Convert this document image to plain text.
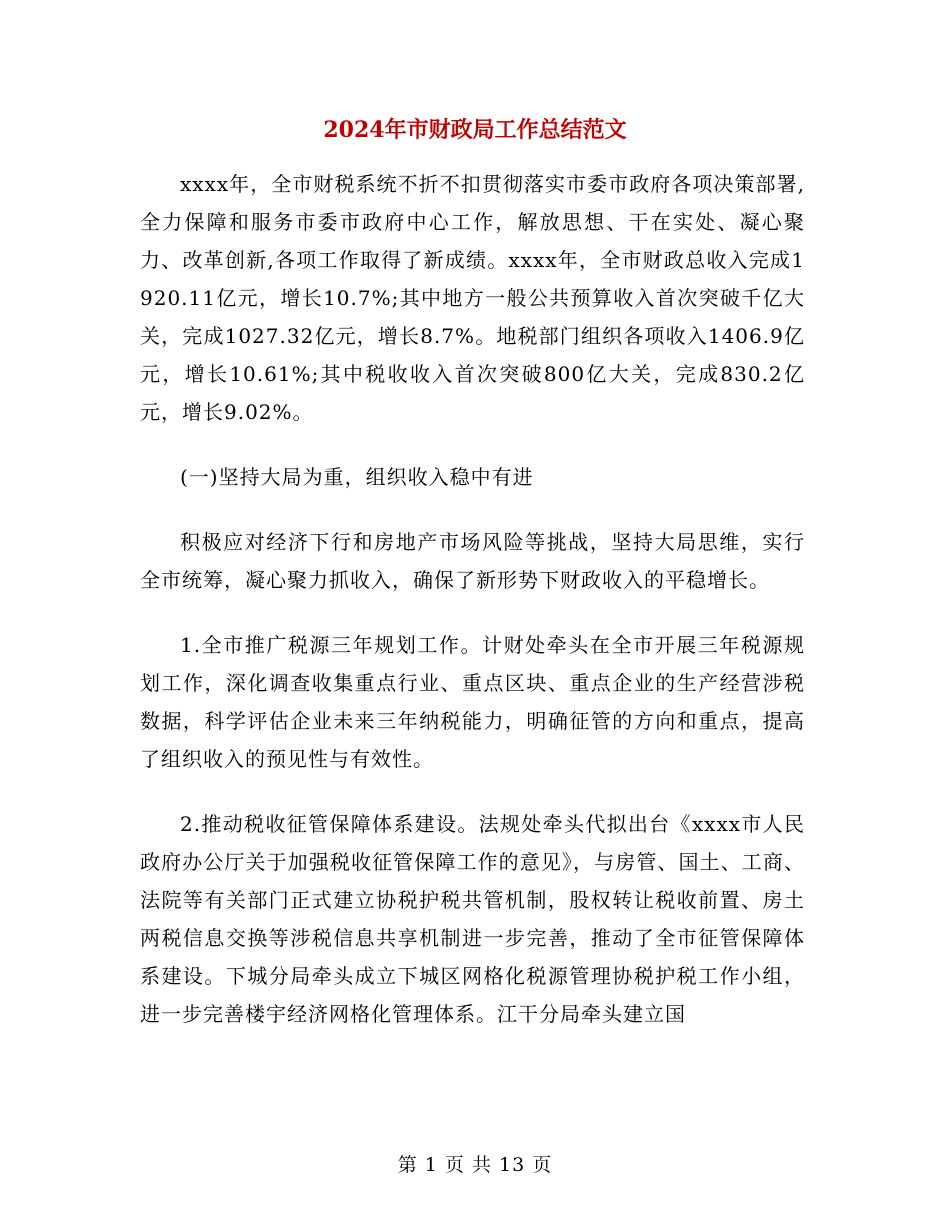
2024年市财政局工作总结范文

xxxx年，全市财税系统不折不扣贯彻落实市委市政府各项决策部署,全力保障和服务市委市政府中心工作，解放思想、干在实处、凝心聚力、改革创新,各项工作取得了新成绩。xxxx年，全市财政总收入完成1920.11亿元，增长10.7%;其中地方一般公共预算收入首次突破千亿大关，完成1027.32亿元，增长8.7%。地税部门组织各项收入1406.9亿元，增长10.61%;其中税收收入首次突破800亿大关，完成830.2亿元，增长9.02%。

(一)坚持大局为重，组织收入稳中有进

积极应对经济下行和房地产市场风险等挑战，坚持大局思维，实行全市统筹，凝心聚力抓收入，确保了新形势下财政收入的平稳增长。

1.全市推广税源三年规划工作。计财处牵头在全市开展三年税源规划工作，深化调查收集重点行业、重点区块、重点企业的生产经营涉税数据，科学评估企业未来三年纳税能力，明确征管的方向和重点，提高了组织收入的预见性与有效性。

2.推动税收征管保障体系建设。法规处牵头代拟出台《xxxx市人民政府办公厅关于加强税收征管保障工作的意见》，与房管、国土、工商、法院等有关部门正式建立协税护税共管机制，股权转让税收前置、房土两税信息交换等涉税信息共享机制进一步完善，推动了全市征管保障体系建设。下城分局牵头成立下城区网格化税源管理协税护税工作小组，进一步完善楼宇经济网格化管理体系。江干分局牵头建立国

第 1 页 共 13 页
